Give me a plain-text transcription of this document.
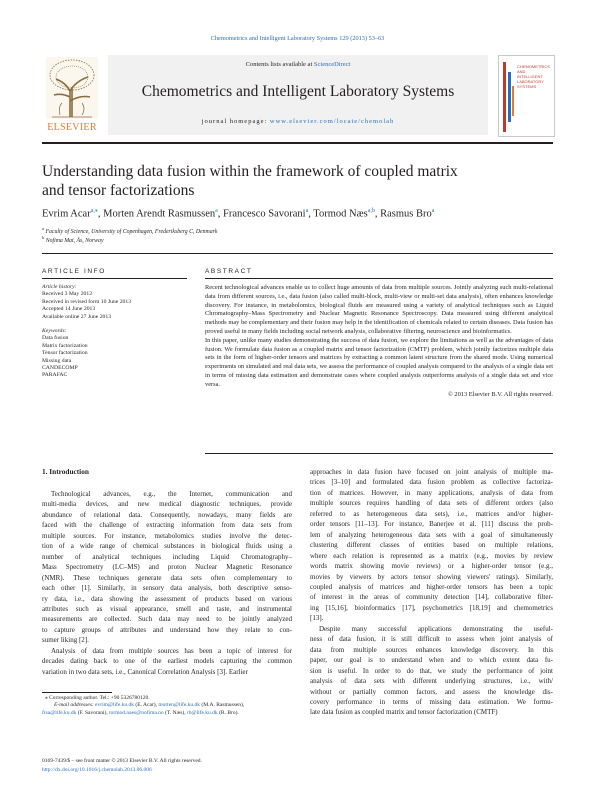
Chemometrics and Intelligent Laboratory Systems 129 (2013) 53–63
ELSEVIER
Contents lists available at ScienceDirect
Chemometrics and Intelligent Laboratory Systems
journal homepage: www.elsevier.com/locate/chemolab
CHEMOMETRICS
AND
INTELLIGENT
LABORATORY
SYSTEMS
Understanding data fusion within the framework of coupled matrix
and tensor factorizations
Evrim Acar$^{a,⁎}$, Morten Arendt Rasmussen$^a$, Francesco Savorani$^a$, Tormod Næs$^{a,b}$, Rasmus Bro$^a$
$^a$ Faculty of Science, University of Copenhagen, Frederiksberg C, Denmark
$^b$ Nofima Mat, Ås, Norway
ARTICLE INFO	ABSTRACT
Article history:
Received 3 May 2012
Received in revised form 10 June 2013
Accepted 14 June 2013
Available online 27 June 2013
Keywords:
Data fusion
Matrix factorization
Tensor factorization
Missing data
CANDECOMP
PARAFAC

Recent technological advances enable us to collect huge amounts of data from multiple sources. Jointly analyzing such multi-relational data from different sources, i.e., data fusion (also called multi-block, multi-view or multi-set data analysis), often enhances knowledge discovery. For instance, in metabolomics, biological fluids are measured using a variety of analytical techniques such as Liquid Chromatography–Mass Spectrometry and Nuclear Magnetic Resonance Spectroscopy. Data measured using different analytical methods may be complementary and their fusion may help in the identification of chemicals related to certain diseases. Data fusion has proved useful in many fields including social network analysis, collaborative filtering, neuroscience and bioinformatics.

In this paper, unlike many studies demonstrating the success of data fusion, we explore the limitations as well as the advantages of data fusion. We formulate data fusion as a coupled matrix and tensor factorization (CMTF) problem, which jointly factorizes multiple data sets in the form of higher-order tensors and matrices by extracting a common latent structure from the shared mode. Using numerical experiments on simulated and real data sets, we assess the performance of coupled analysis compared to the analysis of a single data set in terms of missing data estimation and demonstrate cases where coupled analysis outperforms analysis of a single data set and vice versa.

© 2013 Elsevier B.V. All rights reserved.
1. Introduction
Technological advances, e.g., the Internet, communication and
multi-media devices, and new medical diagnostic techniques, provide
abundance of relational data. Consequently, nowadays, many fields are
faced with the challenge of extracting information from data sets from
multiple sources. For instance, metabolomics studies involve the detec-
tion of a wide range of chemical substances in biological fluids using a
number of analytical techniques including Liquid Chromatography–
Mass Spectrometry (LC–MS) and proton Nuclear Magnetic Resonance
(NMR). These techniques generate data sets often complementary to
each other [1]. Similarly, in sensory data analysis, both descriptive senso-
ry data, i.e., data showing the assessment of products based on various
attributes such as visual appearance, smell and taste, and instrumental
measurements are collected. Such data may need to be jointly analyzed
to capture groups of attributes and understand how they relate to con-
sumer liking [2].
Analysis of data from multiple sources has been a topic of interest for
decades dating back to one of the earliest models capturing the common
variation in two data sets, i.e., Canonical Correlation Analysis [3]. Earlier
approaches in data fusion have focused on joint analysis of multiple ma-
trices [3–10] and formulated data fusion problem as collective factoriza-
tion of matrices. However, in many applications, analysis of data from
multiple sources requires handling of data sets of different orders (also
referred to as heterogeneous data sets), i.e., matrices and/or higher-
order tensors [11–13]. For instance, Banerjee et al. [11] discuss the prob-
lem of analyzing heterogeneous data sets with a goal of simultaneously
clustering different classes of entities based on multiple relations,
where each relation is represented as a matrix (e.g., movies by review
words matrix showing movie reviews) or a higher-order tensor (e.g.,
movies by viewers by actors tensor showing viewers' ratings). Similarly,
coupled analysis of matrices and higher-order tensors has been a topic
of interest in the areas of community detection [14], collaborative filter-
ing [15,16], bioinformatics [17], psychometrics [18,19] and chemometrics
[13].
Despite many successful applications demonstrating the useful-
ness of data fusion, it is still difficult to assess when joint analysis of
data from multiple sources enhances knowledge discovery. In this
paper, our goal is to understand when and to which extent data fu-
sion is useful. In order to do that, we study the performance of joint
analysis of data sets with different underlying structures, i.e., with/
without or partially common factors, and assess the knowledge dis-
covery performance in terms of missing data estimation. We formu-
late data fusion as coupled matrix and tensor factorization (CMTF)
⁎ Corresponding author. Tel.: +90 5326780120.
E-mail addresses: evrim@life.ku.dk (E. Acar), morten@life.ku.dk (M.A. Rasmussen),
frsa@life.ku.dk (F. Savorani), tormod.naes@nofima.no (T. Næs), rb@life.ku.dk (R. Bro).
0169-7439/$ – see front matter © 2013 Elsevier B.V. All rights reserved.
http://dx.doi.org/10.1016/j.chemolab.2013.06.006
